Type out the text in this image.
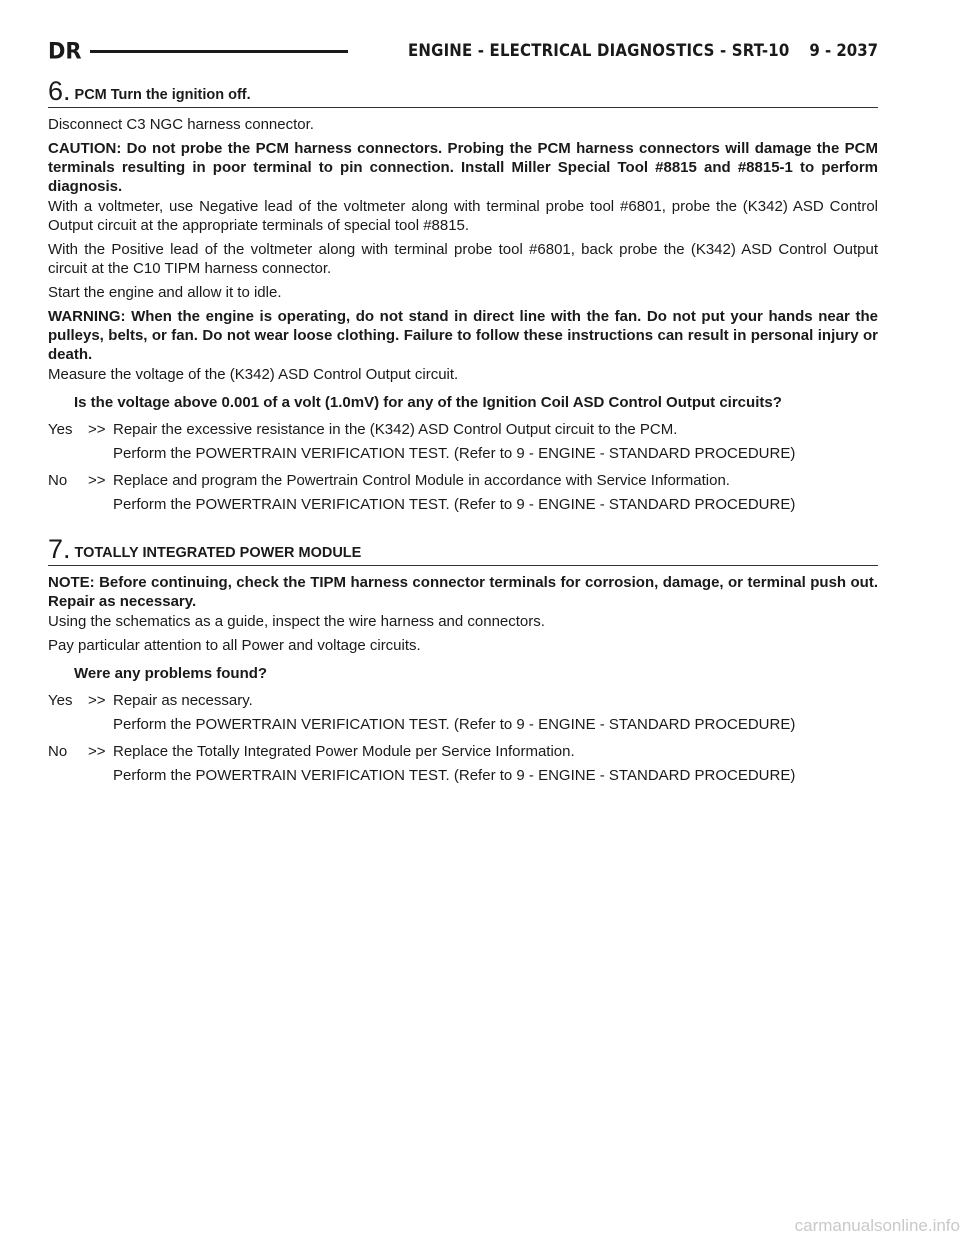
DR	ENGINE - ELECTRICAL DIAGNOSTICS - SRT-10 9 - 2037
6. PCM Turn the ignition off.

Disconnect C3 NGC harness connector.

CAUTION: Do not probe the PCM harness connectors. Probing the PCM harness connectors will damage the PCM terminals resulting in poor terminal to pin connection. Install Miller Special Tool #8815 and #8815-1 to perform diagnosis.

With a voltmeter, use Negative lead of the voltmeter along with terminal probe tool #6801, probe the (K342) ASD Control Output circuit at the appropriate terminals of special tool #8815.

With the Positive lead of the voltmeter along with terminal probe tool #6801, back probe the (K342) ASD Control Output circuit at the C10 TIPM harness connector.

Start the engine and allow it to idle.

WARNING: When the engine is operating, do not stand in direct line with the fan. Do not put your hands near the pulleys, belts, or fan. Do not wear loose clothing. Failure to follow these instructions can result in personal injury or death.

Measure the voltage of the (K342) ASD Control Output circuit.

Is the voltage above 0.001 of a volt (1.0mV) for any of the Ignition Coil ASD Control Output circuits?
Yes	>> Repair the excessive resistance in the (K342) ASD Control Output circuit to the PCM.
Perform the POWERTRAIN VERIFICATION TEST. (Refer to 9 - ENGINE - STANDARD PROCEDURE)
No	>> Replace and program the Powertrain Control Module in accordance with Service Information.
Perform the POWERTRAIN VERIFICATION TEST. (Refer to 9 - ENGINE - STANDARD PROCEDURE)
7. TOTALLY INTEGRATED POWER MODULE

NOTE: Before continuing, check the TIPM harness connector terminals for corrosion, damage, or terminal push out. Repair as necessary.

Using the schematics as a guide, inspect the wire harness and connectors.

Pay particular attention to all Power and voltage circuits.

Were any problems found?
Yes	>> Repair as necessary.
Perform the POWERTRAIN VERIFICATION TEST. (Refer to 9 - ENGINE - STANDARD PROCEDURE)
No	>> Replace the Totally Integrated Power Module per Service Information.
Perform the POWERTRAIN VERIFICATION TEST. (Refer to 9 - ENGINE - STANDARD PROCEDURE)
carmanualsonline.info
